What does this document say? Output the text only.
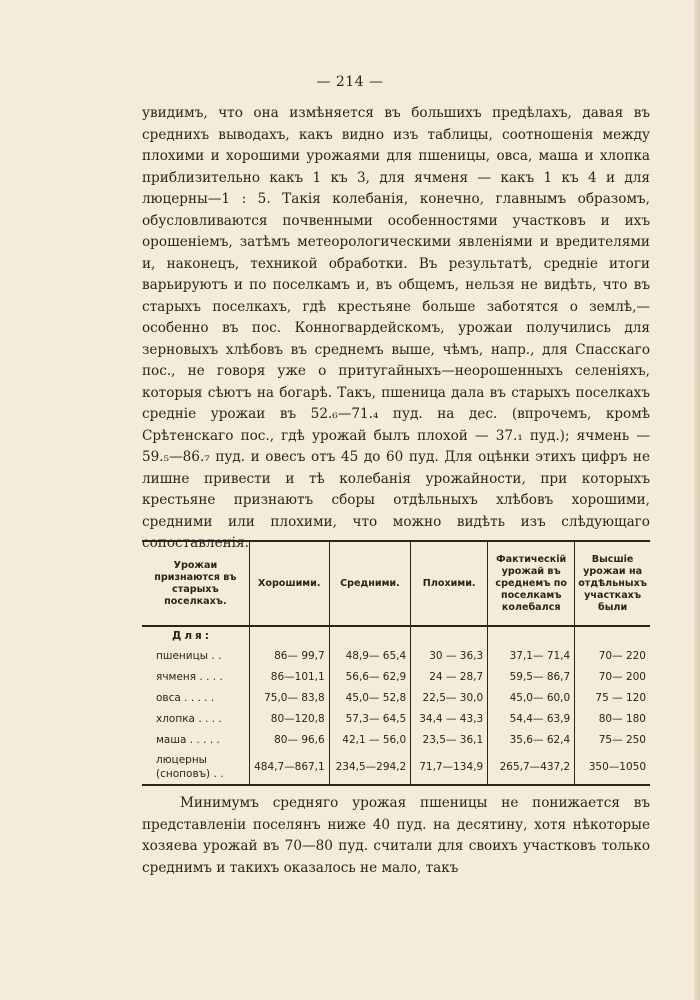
— 214 —

увидимъ, что она измѣняется въ большихъ предѣлахъ, давая въ среднихъ выводахъ, какъ видно изъ таблицы, соотношенія между плохими и хорошими урожаями для пшеницы, овса, маша и хлопка приблизительно какъ 1 къ 3, для ячменя — какъ 1 къ 4 и для люцерны—1 : 5. Такія колебанія, конечно, главнымъ образомъ, обусловливаются почвенными особенностями участковъ и ихъ орошеніемъ, затѣмъ метеорологическими явленіями и вредителями и, наконецъ, техникой обработки. Въ результатѣ, средніе итоги варьируютъ и по поселкамъ и, въ общемъ, нельзя не видѣть, что въ старыхъ поселкахъ, гдѣ крестьяне больше заботятся о землѣ,—особенно въ пос. Конногвардейскомъ, урожаи получились для зерновыхъ хлѣбовъ въ среднемъ выше, чѣмъ, напр., для Спасскаго пос., не говоря уже о притугайныхъ—неорошенныхъ селеніяхъ, которыя сѣютъ на богарѣ. Такъ, пшеница дала въ старыхъ поселкахъ средніе урожаи въ 52.₆—71.₄ пуд. на дес. (впрочемъ, кромѣ Срѣтенскаго пос., гдѣ урожай былъ плохой — 37.₁ пуд.); ячмень — 59.₅—86.₇ пуд. и овесъ отъ 45 до 60 пуд. Для оцѣнки этихъ цифръ не лишне привести и тѣ колебанія урожайности, при которыхъ крестьяне признаютъ сборы отдѣльныхъ хлѣбовъ хорошими, средними или плохими, что можно видѣть изъ слѣдующаго сопоставленія.

Урожаи признаются въ старыхъ поселкахъ.	Хорошими.	Средними.	Плохими.	Фактическій урожай въ среднемъ по поселкамъ колебался	Высшіе урожаи на отдѣльныхъ участкахъ были
Для:					
пшеницы . .	86— 99,7	48,9— 65,4	30 — 36,3	37,1— 71,4	70— 220
ячменя . . . .	86—101,1	56,6— 62,9	24 — 28,7	59,5— 86,7	70— 200
овса . . . . .	75,0— 83,8	45,0— 52,8	22,5— 30,0	45,0— 60,0	75 — 120
хлопка . . . .	80—120,8	57,3— 64,5	34,4 — 43,3	54,4— 63,9	80— 180
маша . . . . .	80— 96,6	42,1 — 56,0	23,5— 36,1	35,6— 62,4	75— 250
люцерны (сноповъ) . .	484,7—867,1	234,5—294,2	71,7—134,9	265,7—437,2	350—1050

Минимумъ средняго урожая пшеницы не понижается въ представленіи поселянъ ниже 40 пуд. на десятину, хотя нѣкоторые хозяева урожай въ 70—80 пуд. считали для своихъ участковъ только среднимъ и такихъ оказалось не мало, такъ
